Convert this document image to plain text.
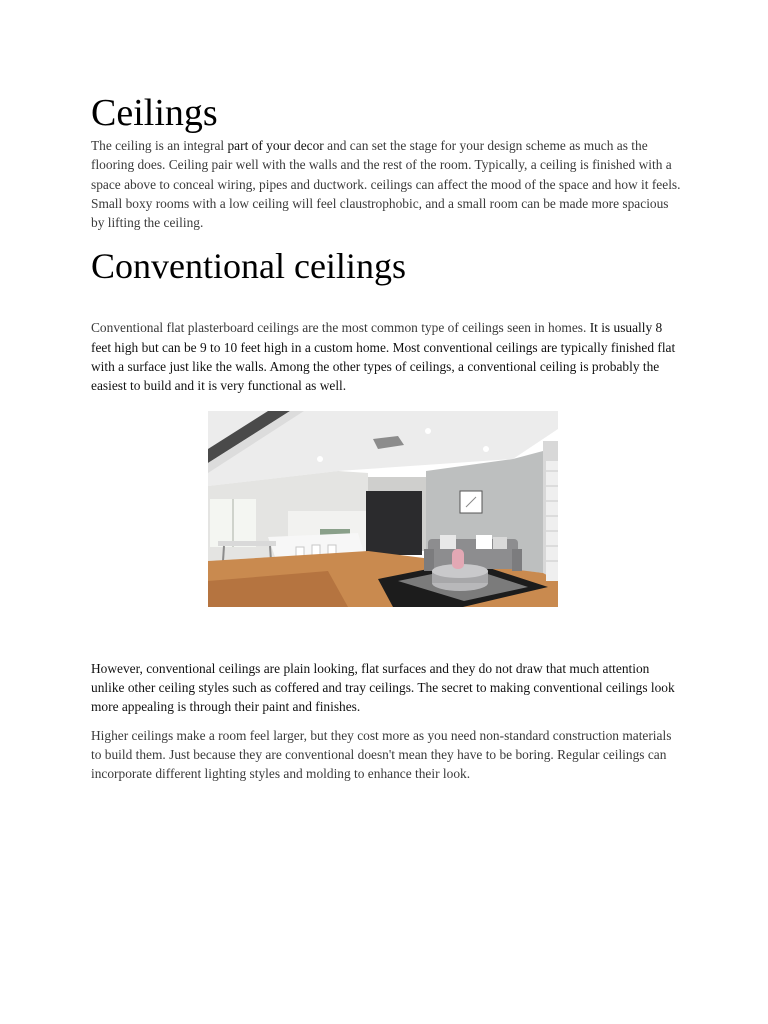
Ceilings

The ceiling is an integral part of your decor and can set the stage for your design scheme as much as the flooring does. Ceiling pair well with the walls and the rest of the room. Typically, a ceiling is finished with a space above to conceal wiring, pipes and ductwork. ceilings can affect the mood of the space and how it feels. Small boxy rooms with a low ceiling will feel claustrophobic, and a small room can be made more spacious by lifting the ceiling.

Conventional ceilings

Conventional flat plasterboard ceilings are the most common type of ceilings seen in homes. It is usually 8 feet high but can be 9 to 10 feet high in a custom home. Most conventional ceilings are typically finished flat with a surface just like the walls. Among the other types of ceilings, a conventional ceiling is probably the easiest to build and it is very functional as well.

However, conventional ceilings are plain looking, flat surfaces and they do not draw that much attention unlike other ceiling styles such as coffered and tray ceilings. The secret to making conventional ceilings look more appealing is through their paint and finishes.

Higher ceilings make a room feel larger, but they cost more as you need non-standard construction materials to build them. Just because they are conventional doesn't mean they have to be boring. Regular ceilings can incorporate different lighting styles and molding to enhance their look.
